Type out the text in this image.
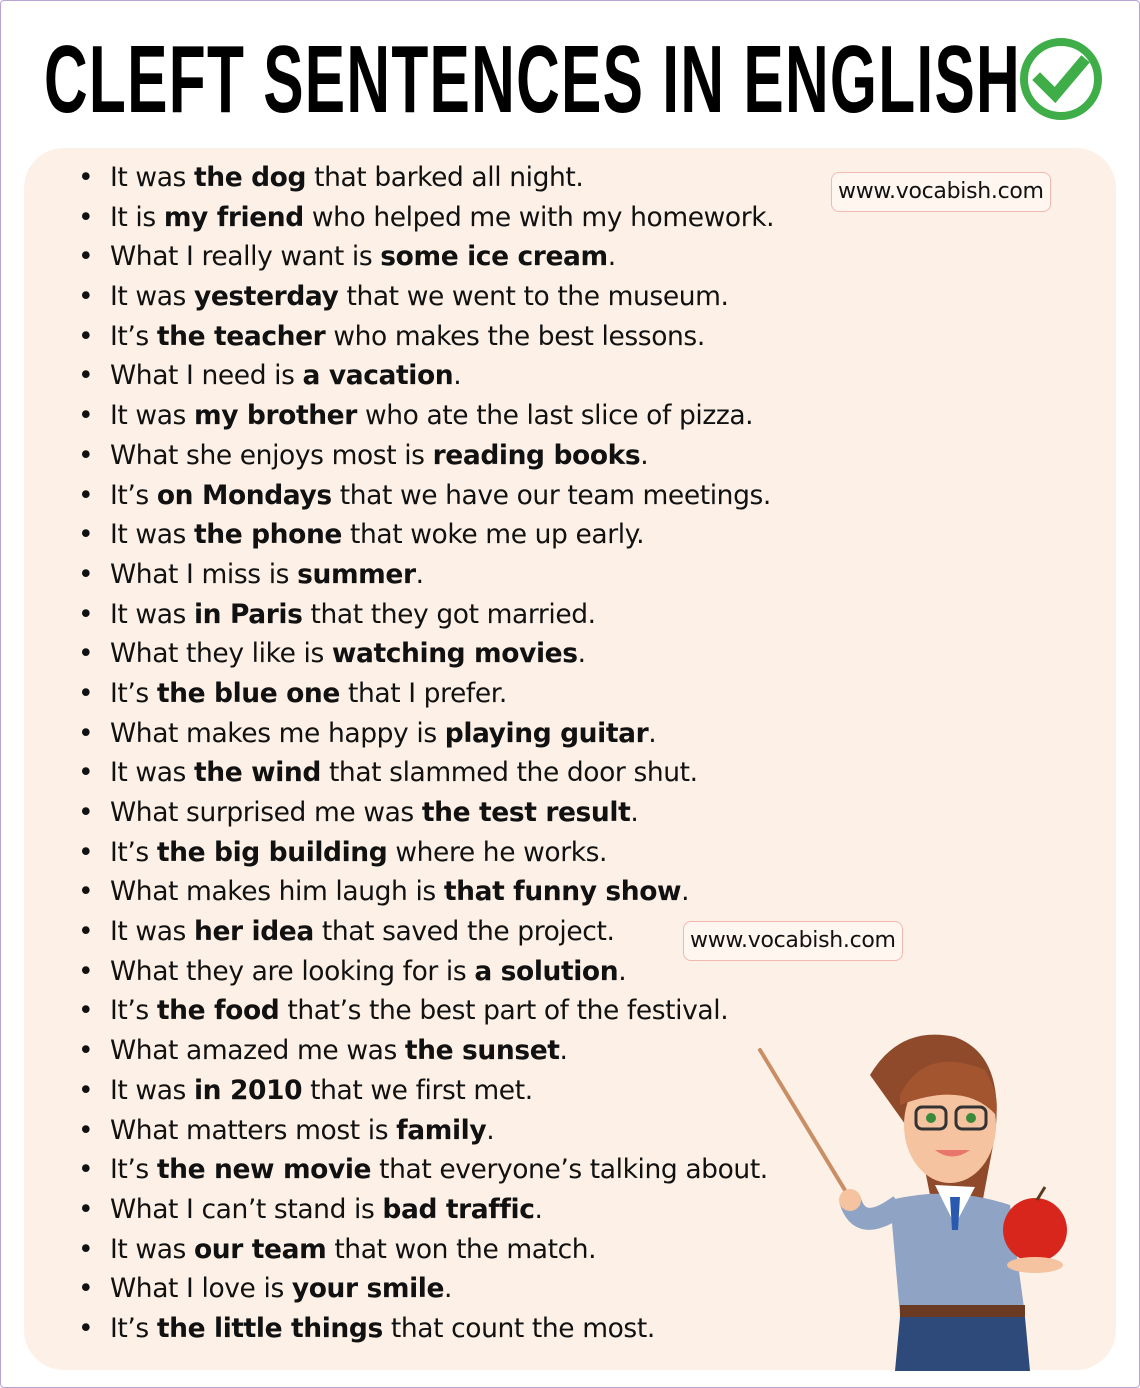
CLEFT SENTENCES IN ENGLISH
• It was the dog that barked all night.
• It is my friend who helped me with my homework.
• What I really want is some ice cream.
• It was yesterday that we went to the museum.
• It’s the teacher who makes the best lessons.
• What I need is a vacation.
• It was my brother who ate the last slice of pizza.
• What she enjoys most is reading books.
• It’s on Mondays that we have our team meetings.
• It was the phone that woke me up early.
• What I miss is summer.
• It was in Paris that they got married.
• What they like is watching movies.
• It’s the blue one that I prefer.
• What makes me happy is playing guitar.
• It was the wind that slammed the door shut.
• What surprised me was the test result.
• It’s the big building where he works.
• What makes him laugh is that funny show.
• It was her idea that saved the project.
• What they are looking for is a solution.
• It’s the food that’s the best part of the festival.
• What amazed me was the sunset.
• It was in 2010 that we first met.
• What matters most is family.
• It’s the new movie that everyone’s talking about.
• What I can’t stand is bad traffic.
• It was our team that won the match.
• What I love is your smile.
• It’s the little things that count the most.
www.vocabish.com
www.vocabish.com
